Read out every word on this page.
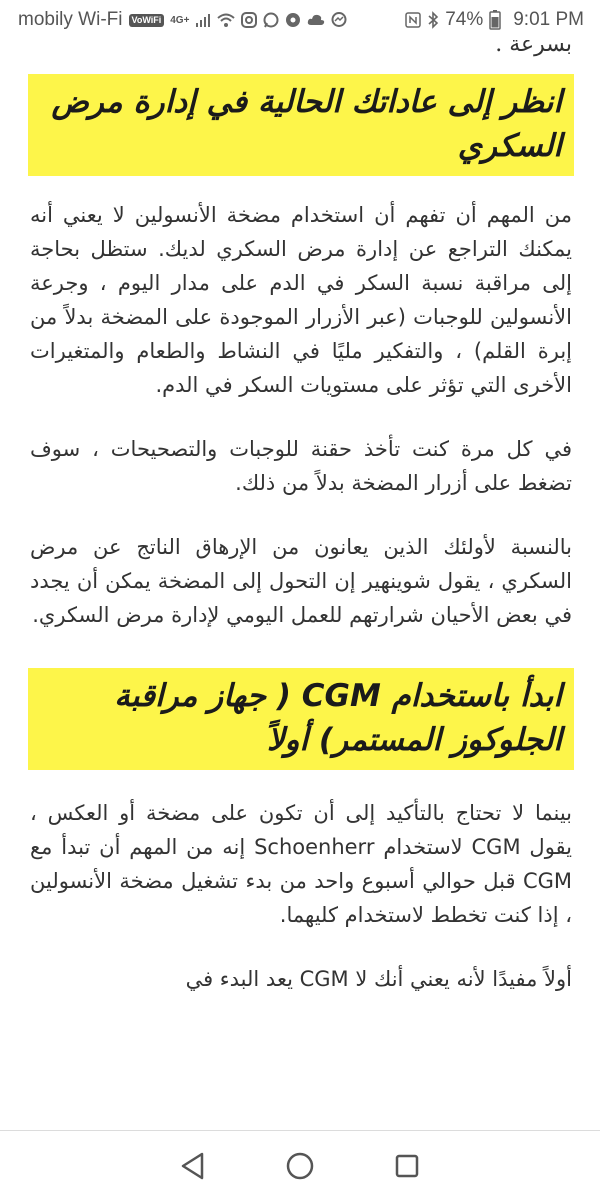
mobily Wi-Fi	VoWiFi 4G+	74% 9:01 PM
بسرعة .
انظر إلى عاداتك الحالية في إدارة مرض السكري

من المهم أن تفهم أن استخدام مضخة الأنسولين لا يعني أنه يمكنك التراجع عن إدارة مرض السكري لديك. ستظل بحاجة إلى مراقبة نسبة السكر في الدم على مدار اليوم ، وجرعة الأنسولين للوجبات (عبر الأزرار الموجودة على المضخة بدلاً من إبرة القلم) ، والتفكير مليًا في النشاط والطعام والمتغيرات الأخرى التي تؤثر على مستويات السكر في الدم.

في كل مرة كنت تأخذ حقنة للوجبات والتصحيحات ، سوف تضغط على أزرار المضخة بدلاً من ذلك.

بالنسبة لأولئك الذين يعانون من الإرهاق الناتج عن مرض السكري ، يقول شوينهير إن التحول إلى المضخة يمكن أن يجدد في بعض الأحيان شرارتهم للعمل اليومي لإدارة مرض السكري.

ابدأ باستخدام CGM ( جهاز مراقبة الجلوكوز المستمر) أولاً

بينما لا تحتاج بالتأكيد إلى أن تكون على مضخة أو العكس ، يقول CGM لاستخدام Schoenherr إنه من المهم أن تبدأ مع CGM قبل حوالي أسبوع واحد من بدء تشغيل مضخة الأنسولين ، إذا كنت تخطط لاستخدام كليهما.

أولاً مفيدًا لأنه يعني أنك لا CGM يعد البدء في
